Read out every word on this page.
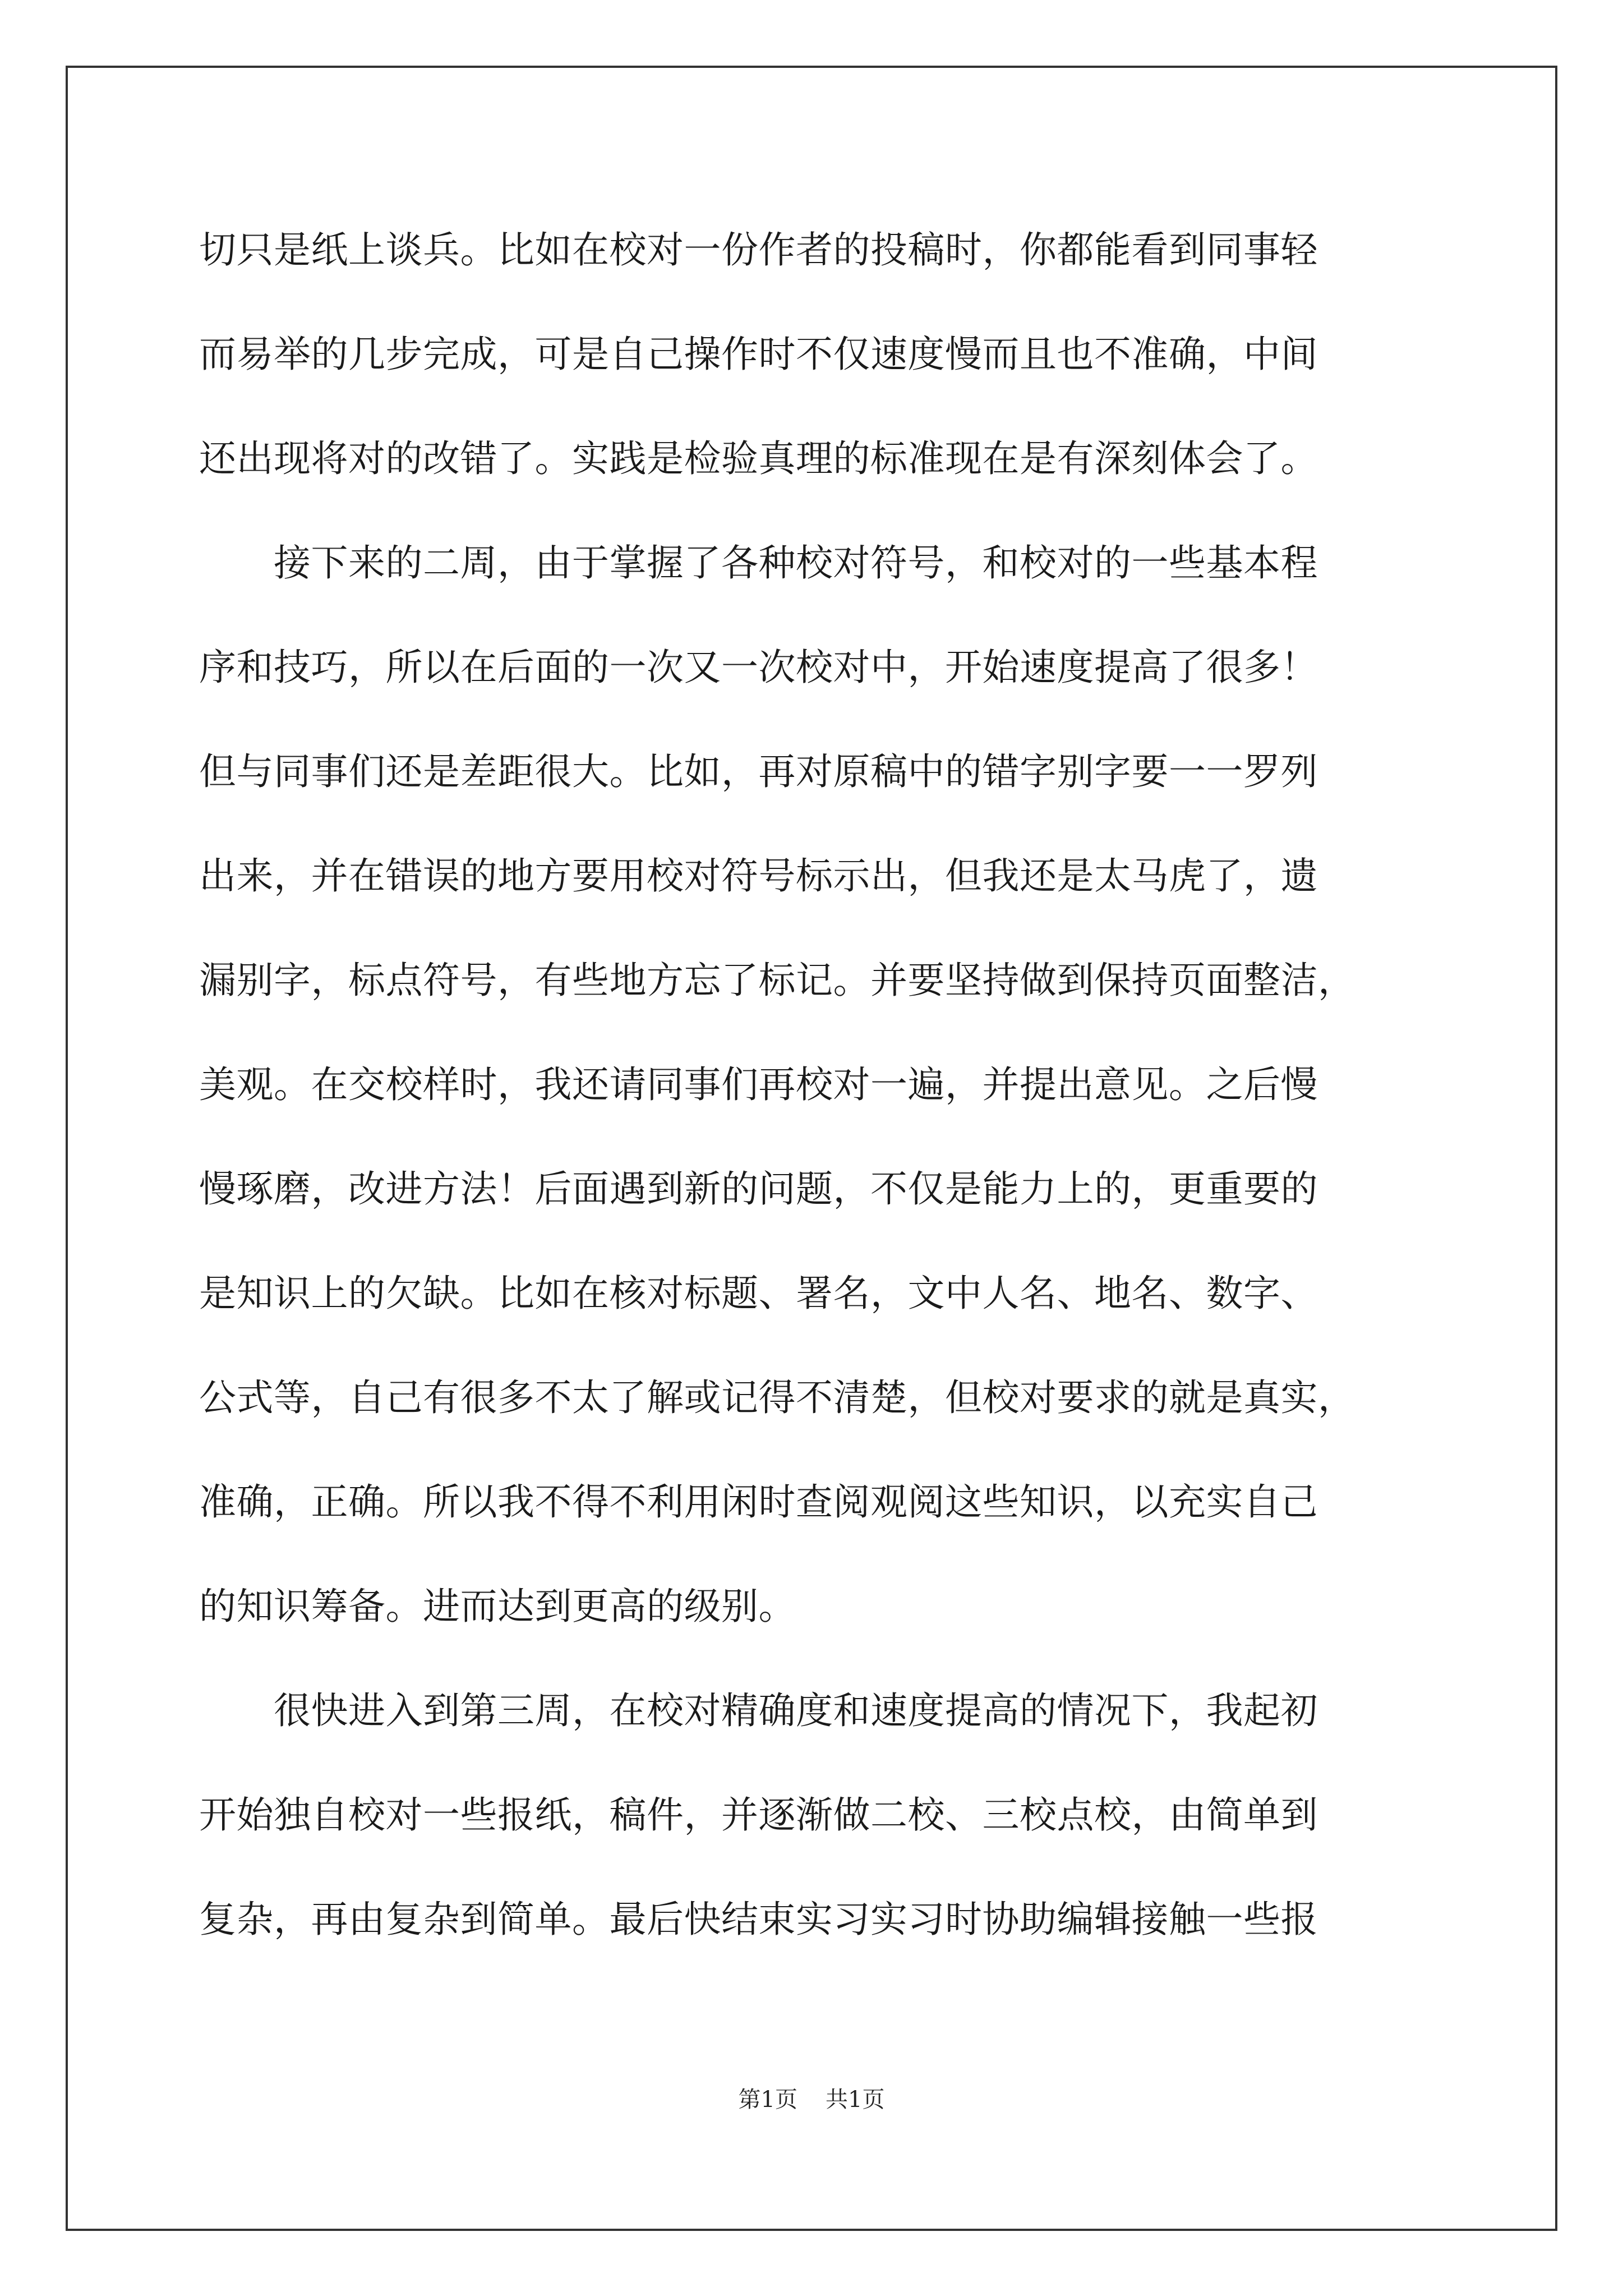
切只是纸上谈兵。比如在校对一份作者的投稿时，你都能看到同事轻
而易举的几步完成，可是自己操作时不仅速度慢而且也不准确，中间
还出现将对的改错了。实践是检验真理的标准现在是有深刻体会了。
　　接下来的二周，由于掌握了各种校对符号，和校对的一些基本程
序和技巧，所以在后面的一次又一次校对中，开始速度提高了很多！
但与同事们还是差距很大。比如，再对原稿中的错字别字要一一罗列
出来，并在错误的地方要用校对符号标示出，但我还是太马虎了，遗
漏别字，标点符号，有些地方忘了标记。并要坚持做到保持页面整洁，
美观。在交校样时，我还请同事们再校对一遍，并提出意见。之后慢
慢琢磨，改进方法！后面遇到新的问题，不仅是能力上的，更重要的
是知识上的欠缺。比如在核对标题、署名，文中人名、地名、数字、
公式等，自己有很多不太了解或记得不清楚，但校对要求的就是真实，
准确，正确。所以我不得不利用闲时查阅观阅这些知识，以充实自己
的知识筹备。进而达到更高的级别。
　　很快进入到第三周，在校对精确度和速度提高的情况下，我起初
开始独自校对一些报纸，稿件，并逐渐做二校、三校点校，由简单到
复杂，再由复杂到简单。最后快结束实习实习时协助编辑接触一些报
第1页 共1页
